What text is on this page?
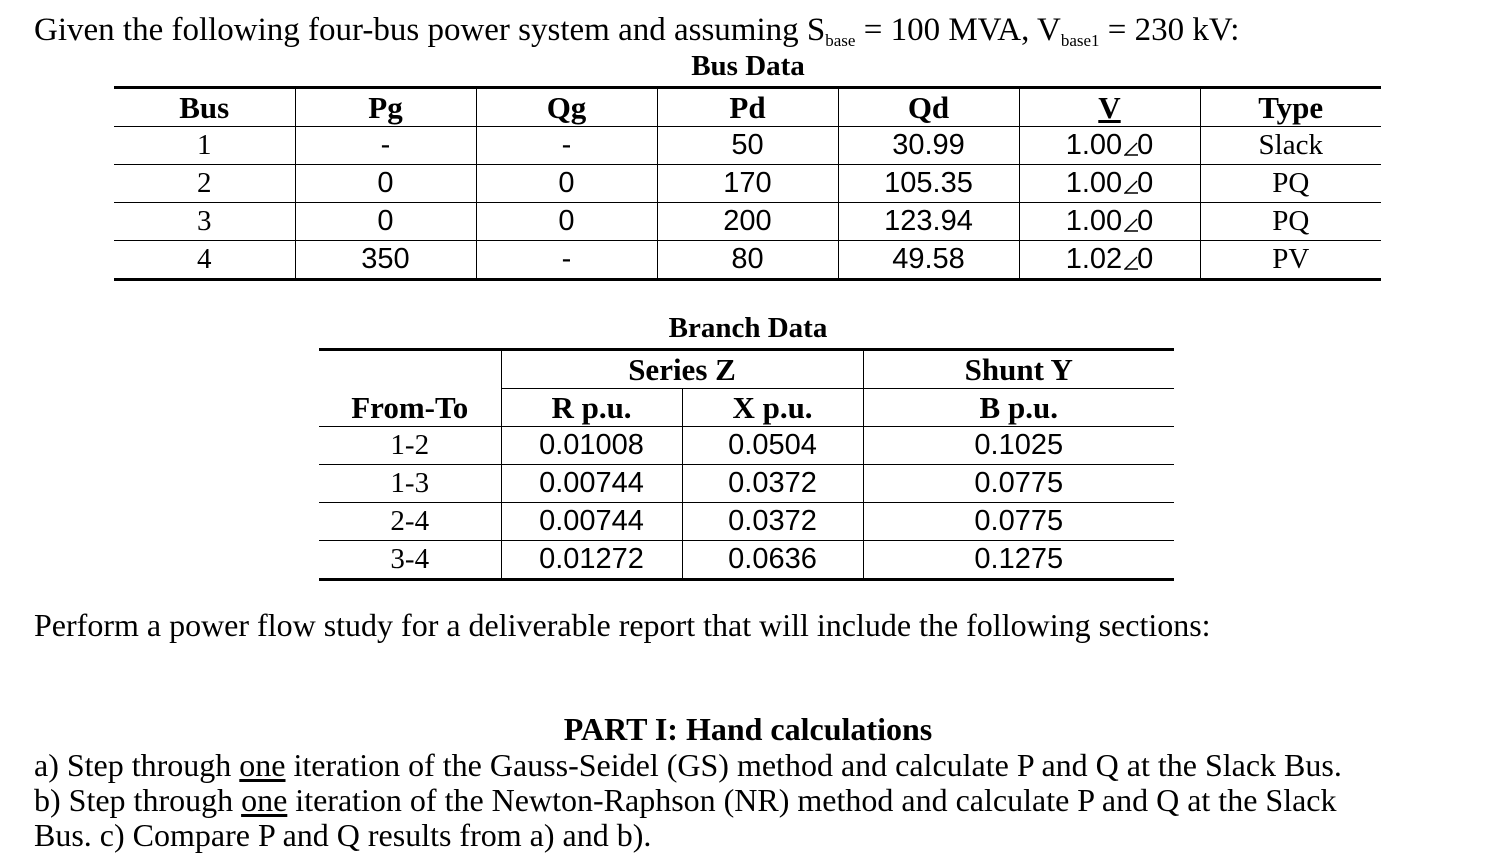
Given the following four-bus power system and assuming $S_{base} = 100$ MVA, $V_{base1} = 230$ kV:
Bus Data
Bus	Pg	Qg	Pd	Qd	V	Type
1	-	-	50	30.99	1.00 0	Slack
2	0	0	170	105.35	1.00 0	PQ
3	0	0	200	123.94	1.00 0	PQ
4	350	-	80	49.58	1.02 0	PV
Branch Data
	Series Z		Shunt Y
From-To	R p.u.	X p.u.	B p.u.
1-2	0.01008	0.0504	0.1025
1-3	0.00744	0.0372	0.0775
2-4	0.00744	0.0372	0.0775
3-4	0.01272	0.0636	0.1275
Perform a power flow study for a deliverable report that will include the following sections:
PART I: Hand calculations
a) Step through one iteration of the Gauss-Seidel (GS) method and calculate P and Q at the Slack Bus.
b) Step through one iteration of the Newton-Raphson (NR) method and calculate P and Q at the Slack
Bus. c) Compare P and Q results from a) and b).
